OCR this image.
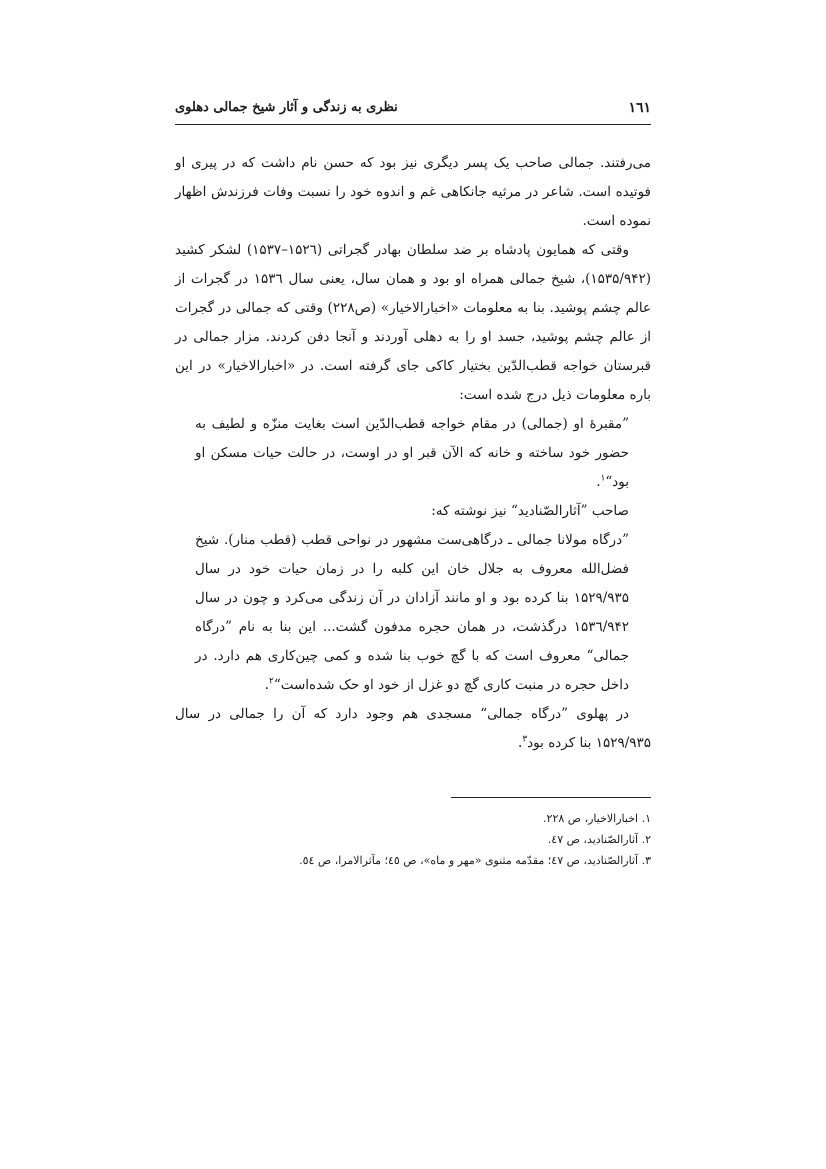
۱٦۱
نظری به زندگی و آثار شیخ جمالی دهلوی

می‌رفتند. جمالی صاحب یک پسر دیگری نیز بود که حسن نام داشت که در پیری او فوتیده است. شاعر در مرثیه جانکاهی غم و اندوه خود را نسبت وفات فرزندش اظهار نموده است.

وقتی که همایون پادشاه بر ضد سلطان بهادر گجراتی (۱۵۲٦–۱۵۳۷) لشکر کشید (۱۵۳۵/۹۴۲)، شیخ جمالی همراه او بود و همان سال، یعنی سال ۱۵۳٦ در گجرات از عالم چشم پوشید. بنا به معلومات «اخبارالاخیار» (ص۲۲۸) وقتی که جمالی در گجرات از عالم چشم پوشید، جسد او را به دهلی آوردند و آنجا دفن کردند. مزار جمالی در قبرستان خواجه قطب‌الدّین بختیار کاکی جای گرفته است. در «اخبارالاخیار» در این باره معلومات ذیل درج شده است:

”مقبرهٔ او (جمالی) در مقام خواجه قطب‌الدّین است بغایت منزّه و لطیف به حضور خود ساخته و خانه که الآن قبر او در اوست، در حالت حیات مسکن او بود“$^۱$.

صاحب ”آثارالصّنادید“ نیز نوشته که:

”درگاه مولانا جمالی ـ درگاهی‌ست مشهور در نواحی قطب (قطب منار). شیخ فضل‌الله معروف به جلال خان این کلبه را در زمان حیات خود در سال ۱۵۲۹/۹۳۵ بنا کرده بود و او مانند آزادان در آن زندگی می‌کرد و چون در سال ۱۵۳٦/۹۴۲ درگذشت، در همان حجره مدفون گشت... این بنا به نام ”درگاه جمالی“ معروف است که با گچ خوب بنا شده و کمی چین‌کاری هم دارد. در داخل حجره در منبت کاری گچ دو غزل از خود او حک شده‌است“$^۲$.

در پهلوی ”درگاه جمالی“ مسجدی هم وجود دارد که آن را جمالی در سال ۱۵۲۹/۹۳۵ بنا کرده بود$^۳$.

۱. اخبارالاخیار، ص ۲۲۸.
۲. آثارالصّنادید، ص ٤۷.
۳. آثارالصّنادید، ص ٤۷؛ مقدّمه مثنوی «مهر و ماه»، ص ٤٥؛ مآثرالامرا، ص ٥٤.
